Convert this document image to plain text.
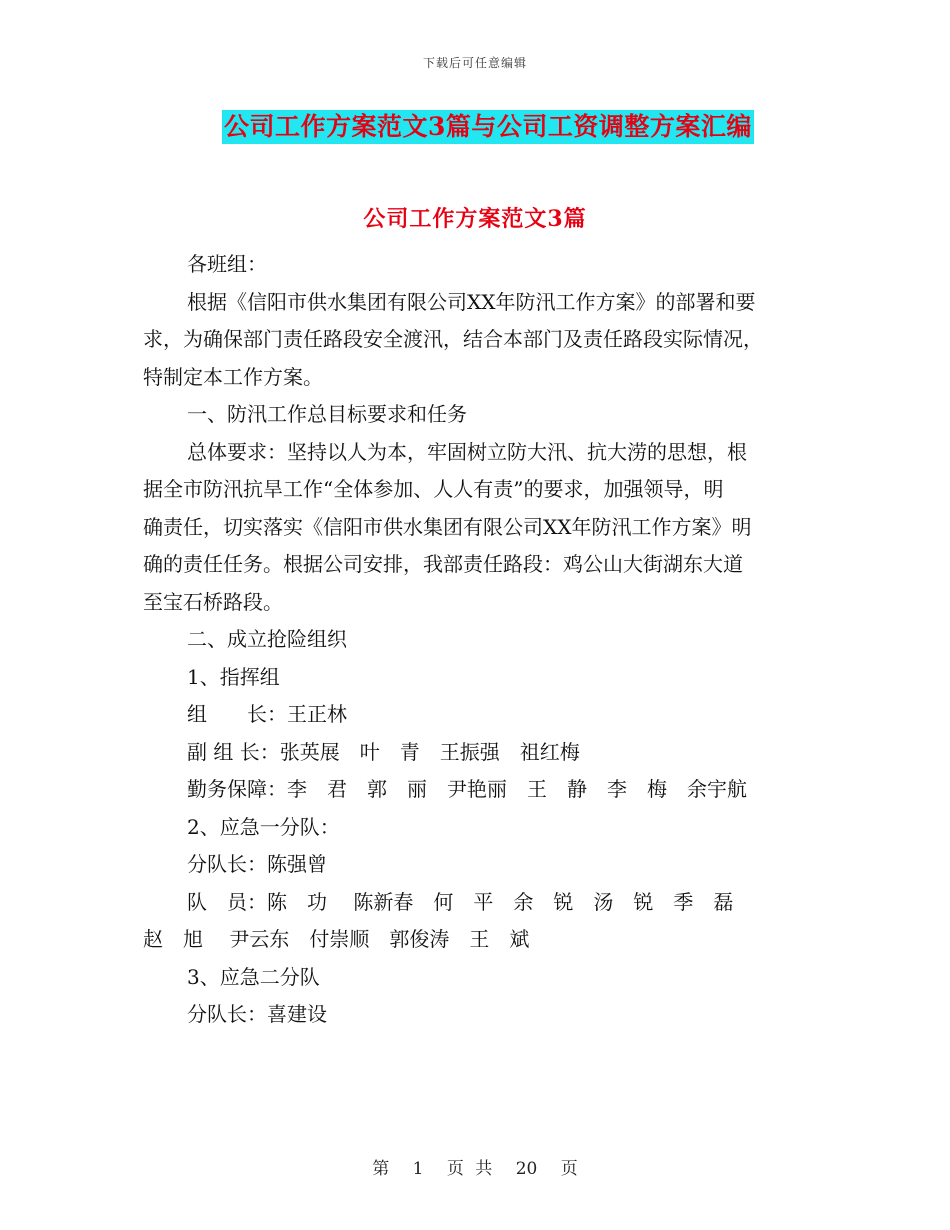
下载后可任意编辑
公司工作方案范文3篇与公司工资调整方案汇编
公司工作方案范文3篇

各班组：

根据《信阳市供水集团有限公司XX年防汛工作方案》的部署和要

求，为确保部门责任路段安全渡汛，结合本部门及责任路段实际情况，

特制定本工作方案。

一、防汛工作总目标要求和任务

总体要求：坚持以人为本，牢固树立防大汛、抗大涝的思想，根

据全市防汛抗旱工作“全体参加、人人有责”的要求，加强领导，明

确责任，切实落实《信阳市供水集团有限公司XX年防汛工作方案》明

确的责任任务。根据公司安排，我部责任路段：鸡公山大街湖东大道

至宝石桥路段。

二、成立抢险组织

1、指挥组

组　　长：王正林

副 组 长：张英展　叶　青　王振强　祖红梅

勤务保障：李　君　郭　丽　尹艳丽　王　静　李　梅　余宇航

2、应急一分队：

分队长：陈强曾

队　员：陈　功　 陈新春　何　平　余　锐　汤　锐　季　磊

赵　旭　 尹云东　付崇顺　郭俊涛　王　斌

3、应急二分队

分队长：喜建设

第 1 页 共 20 页
